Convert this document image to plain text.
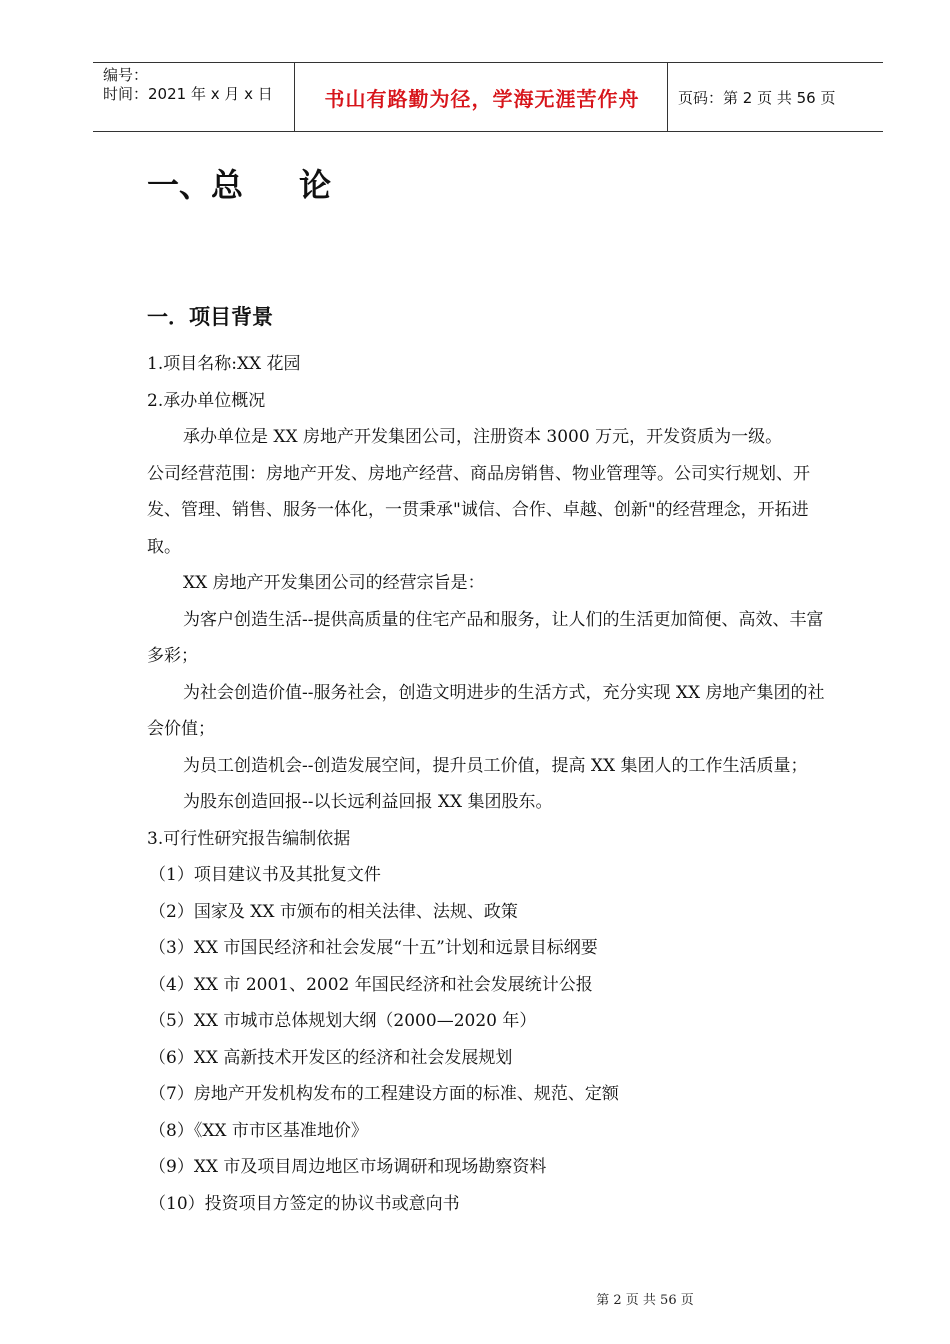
编号：
时间：2021 年 x 月 x 日	书山有路勤为径，学海无涯苦作舟	页码：第 2 页 共 56 页
一、总 论
一．项目背景

1.项目名称:XX 花园

2.承办单位概况

承办单位是 XX 房地产开发集团公司，注册资本 3000 万元，开发资质为一级。

公司经营范围：房地产开发、房地产经营、商品房销售、物业管理等。公司实行规划、开发、管理、销售、服务一体化，一贯秉承"诚信、合作、卓越、创新"的经营理念，开拓进取。

XX 房地产开发集团公司的经营宗旨是：

为客户创造生活--提供高质量的住宅产品和服务，让人们的生活更加简便、高效、丰富多彩；

为社会创造价值--服务社会，创造文明进步的生活方式，充分实现 XX 房地产集团的社会价值；

为员工创造机会--创造发展空间，提升员工价值，提高 XX 集团人的工作生活质量；

为股东创造回报--以长远利益回报 XX 集团股东。

3.可行性研究报告编制依据

（1）项目建议书及其批复文件

（2）国家及 XX 市颁布的相关法律、法规、政策

（3）XX 市国民经济和社会发展“十五”计划和远景目标纲要

（4）XX 市 2001、2002 年国民经济和社会发展统计公报

（5）XX 市城市总体规划大纲（2000—2020 年）

（6）XX 高新技术开发区的经济和社会发展规划

（7）房地产开发机构发布的工程建设方面的标准、规范、定额

（8）《XX 市市区基准地价》

（9）XX 市及项目周边地区市场调研和现场勘察资料

（10）投资项目方签定的协议书或意向书

第 2 页 共 56 页
